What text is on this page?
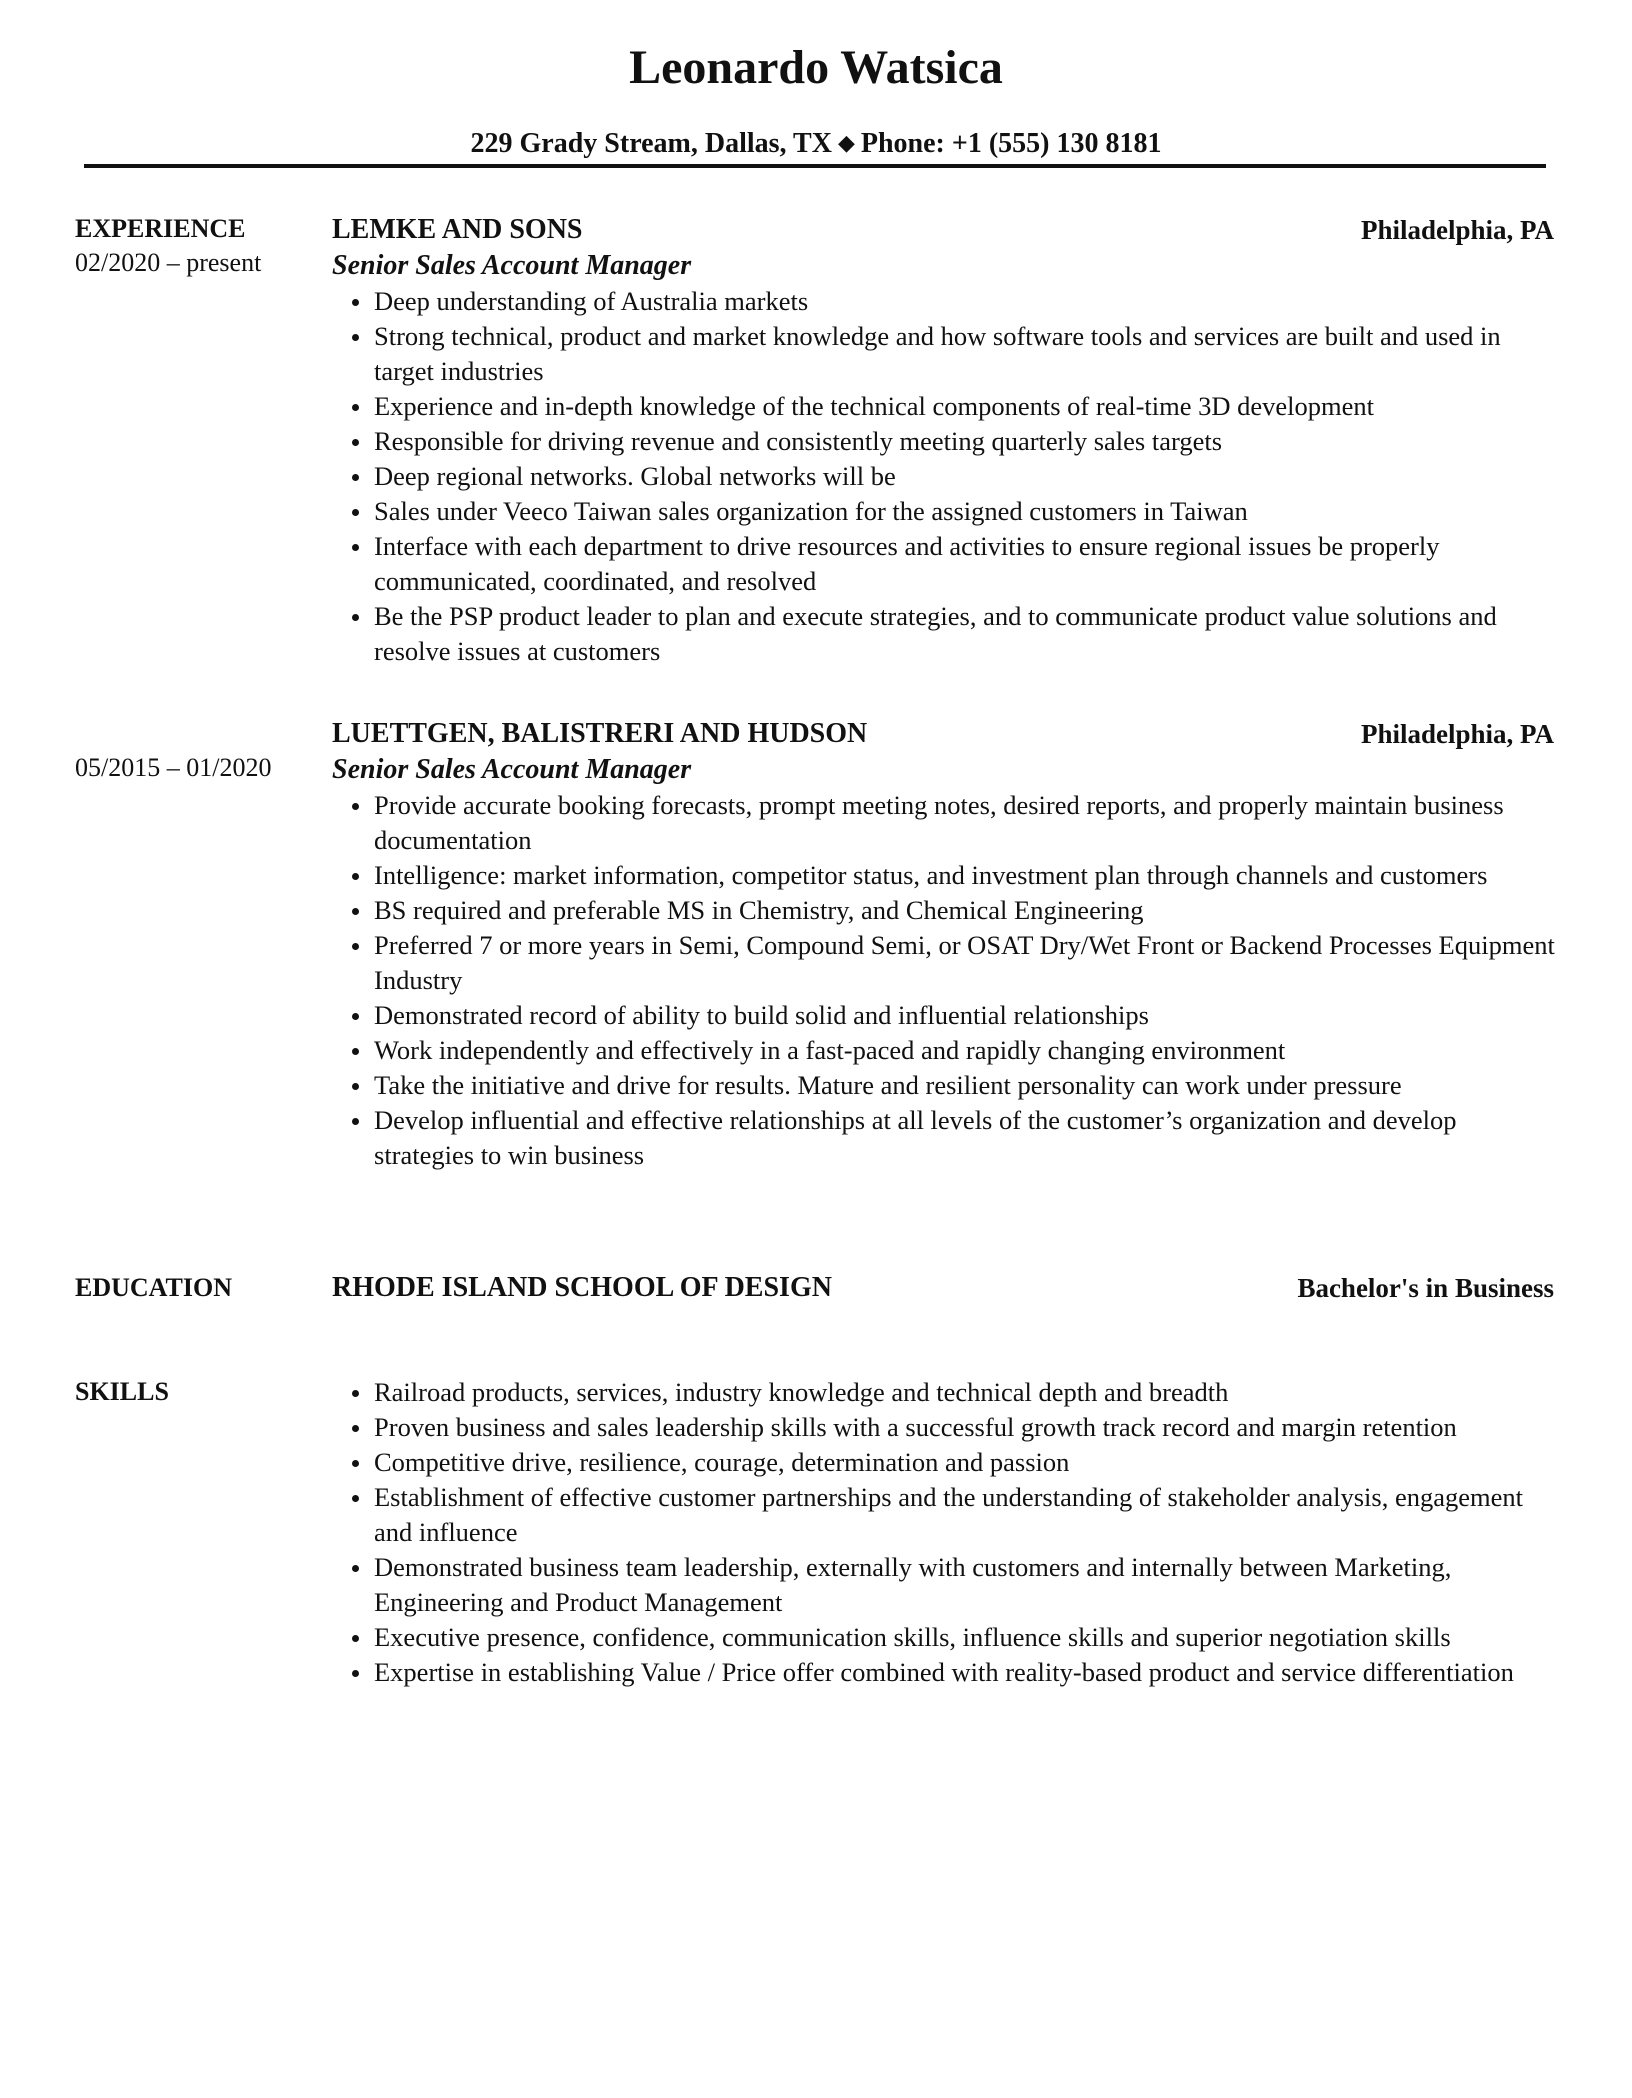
Leonardo Watsica
229 Grady Stream, Dallas, TX ◆ Phone: +1 (555) 130 8181
EXPERIENCE
02/2020 – present
LEMKE AND SONS	Philadelphia, PA
Senior Sales Account Manager
Deep understanding of Australia markets
Strong technical, product and market knowledge and how software tools and services are built and used in target industries
Experience and in-depth knowledge of the technical components of real-time 3D development
Responsible for driving revenue and consistently meeting quarterly sales targets
Deep regional networks. Global networks will be
Sales under Veeco Taiwan sales organization for the assigned customers in Taiwan
Interface with each department to drive resources and activities to ensure regional issues be properly communicated, coordinated, and resolved
Be the PSP product leader to plan and execute strategies, and to communicate product value solutions and resolve issues at customers
05/2015 – 01/2020
LUETTGEN, BALISTRERI AND HUDSON	Philadelphia, PA
Senior Sales Account Manager
Provide accurate booking forecasts, prompt meeting notes, desired reports, and properly maintain business documentation
Intelligence: market information, competitor status, and investment plan through channels and customers
BS required and preferable MS in Chemistry, and Chemical Engineering
Preferred 7 or more years in Semi, Compound Semi, or OSAT Dry/Wet Front or Backend Processes Equipment Industry
Demonstrated record of ability to build solid and influential relationships
Work independently and effectively in a fast-paced and rapidly changing environment
Take the initiative and drive for results. Mature and resilient personality can work under pressure
Develop influential and effective relationships at all levels of the customer’s organization and develop strategies to win business
EDUCATION	RHODE ISLAND SCHOOL OF DESIGN	Bachelor's in Business
SKILLS	Railroad products, services, industry knowledge and technical depth and breadth
Proven business and sales leadership skills with a successful growth track record and margin retention
Competitive drive, resilience, courage, determination and passion
Establishment of effective customer partnerships and the understanding of stakeholder analysis, engagement and influence
Demonstrated business team leadership, externally with customers and internally between Marketing, Engineering and Product Management
Executive presence, confidence, communication skills, influence skills and superior negotiation skills
Expertise in establishing Value / Price offer combined with reality-based product and service differentiation
